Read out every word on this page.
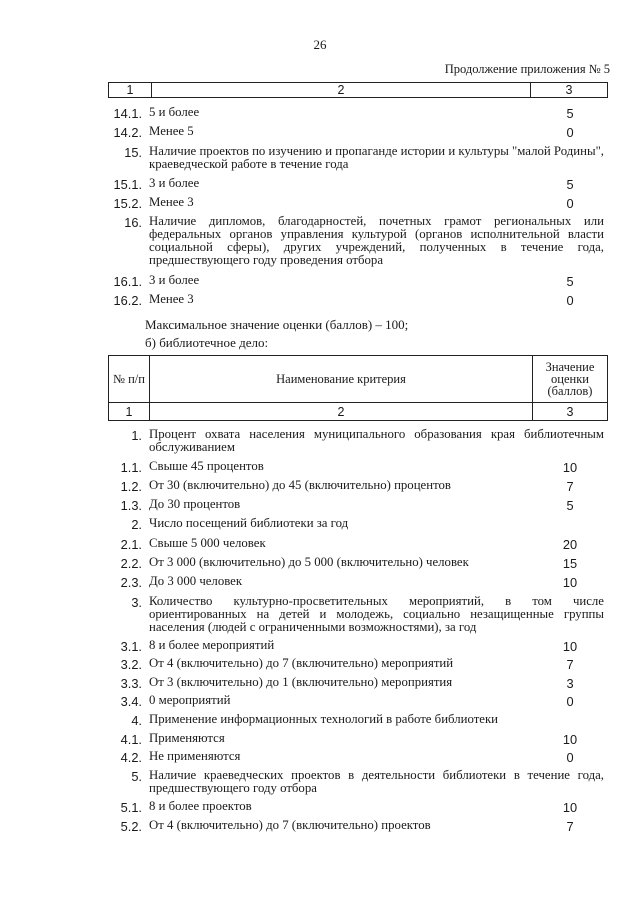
26
Продолжение приложения № 5
1	2	3
14.1. 5 и более	5
14.2. Менее 5	0
15. Наличие проектов по изучению и пропаганде истории и культуры "малой Родины", краеведческой работе в течение года
15.1. 3 и более	5
15.2. Менее 3	0
16. Наличие дипломов, благодарностей, почетных грамот региональных или федеральных органов управления культурой (органов исполнительной власти социальной сферы), других учреждений, полученных в течение года, предшествующего году проведения отбора
16.1. 3 и более	5
16.2. Менее 3	0
Максимальное значение оценки (баллов) – 100;
б) библиотечное дело:
№ п/п	Наименование критерия	Значение оценки (баллов)
1	2	3
1. Процент охвата населения муниципального образования края библиотечным обслуживанием
1.1. Свыше 45 процентов	10
1.2. От 30 (включительно) до 45 (включительно) процентов	7
1.3. До 30 процентов	5
2. Число посещений библиотеки за год
2.1. Свыше 5 000 человек	20
2.2. От 3 000 (включительно) до 5 000 (включительно) человек	15
2.3. До 3 000 человек	10
3. Количество культурно-просветительных мероприятий, в том числе ориентированных на детей и молодежь, социально незащищенные группы населения (людей с ограниченными возможностями), за год
3.1. 8 и более мероприятий	10
3.2. От 4 (включительно) до 7 (включительно) мероприятий	7
3.3. От 3 (включительно) до 1 (включительно) мероприятия	3
3.4. 0 мероприятий	0
4. Применение информационных технологий в работе библиотеки
4.1. Применяются	10
4.2. Не применяются	0
5. Наличие краеведческих проектов в деятельности библиотеки в течение года, предшествующего году отбора
5.1. 8 и более проектов	10
5.2. От 4 (включительно) до 7 (включительно) проектов	7
